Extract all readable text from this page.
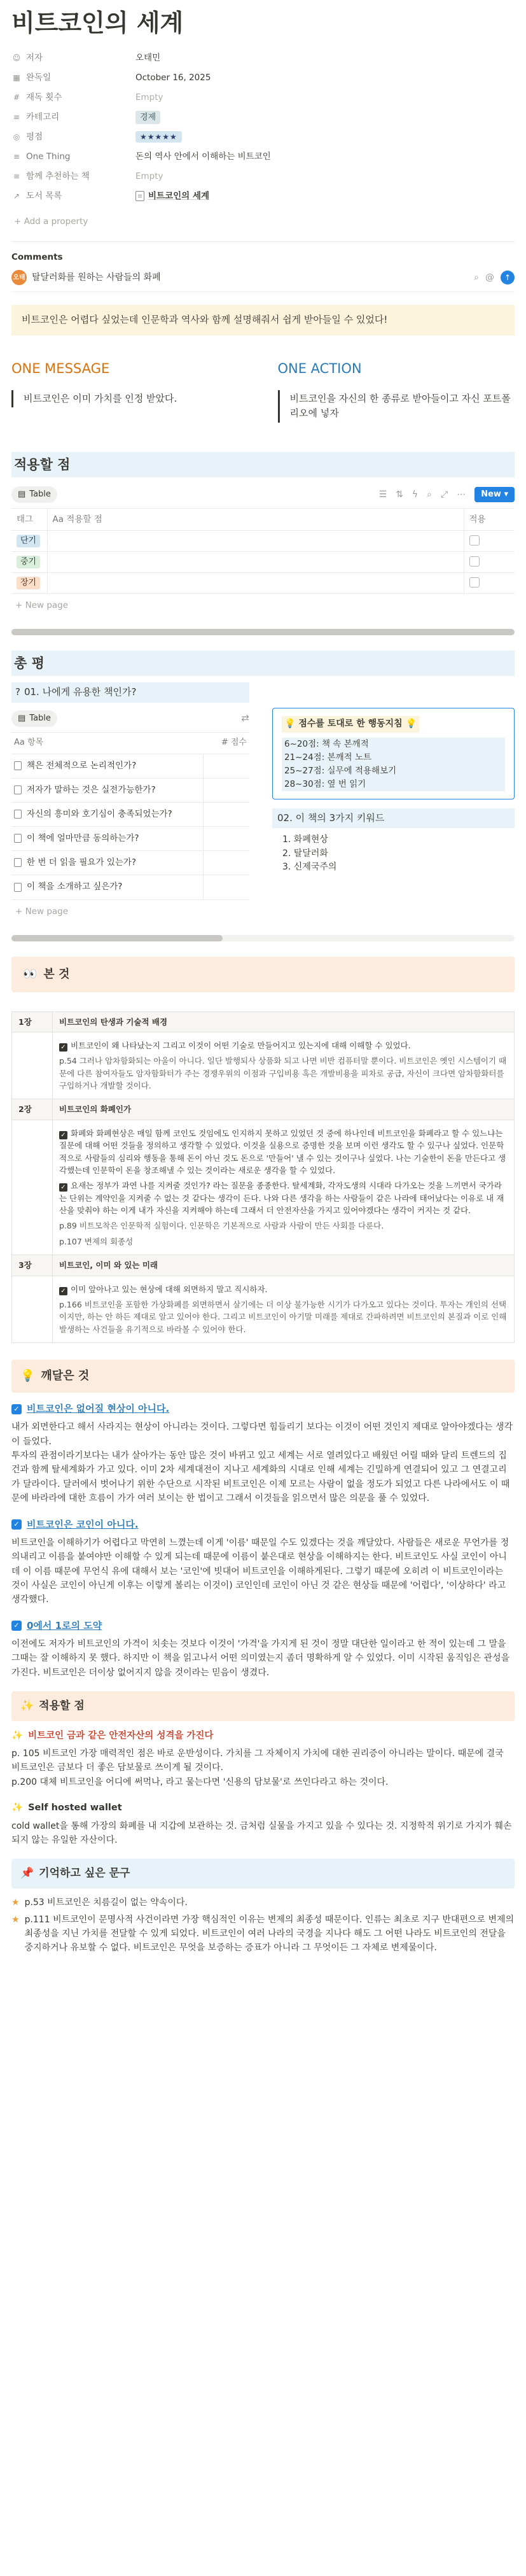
비트코인의 세계
☺ 저자	오태민
▦ 완독일	October 16, 2025
# 재독 횟수	Empty
≡ 카테고리	경제
◎ 평점	★★★★★
≡ One Thing	돈의 역사 안에서 이해하는 비트코인
≡ 함께 추천하는 책	Empty
↗ 도서 목록	비트코인의 세계
+ Add a property
Comments
오태 탈달러화를 원하는 사람들의 화폐	⌕ @	↑
비트코인은 어렵다 싶었는데 인문학과 역사와 함께 설명해줘서 쉽게 받아들일 수 있었다!
ONE MESSAGE
비트코인은 이미 가치를 인정 받았다.
ONE ACTION
비트코인을 자신의 한 종류로 받아들이고 자신 포트폴리오에 넣자
적용할 점
▤ Table	☰ ⇅ ϟ ⌕ ⤢ ⋯	New ▾
태그	Aa 적용할 점	적용
단기		
중기		
장기		
+ New page
총 평
? 01. 나에게 유용한 책인가?
▤ Table	⇄
Aa 항목	# 점수
책은 전체적으로 논리적인가?
저자가 말하는 것은 실전가능한가?
자신의 흥미와 호기심이 충족되었는가?
이 책에 얼마만큼 동의하는가?
한 번 더 읽을 필요가 있는가?
이 책을 소개하고 싶은가?
+ New page
💡 점수를 토대로 한 행동지침 💡
6~20점: 책 속 본깨적
21~24점: 본깨적 노트
25~27점: 실무에 적용해보기
28~30점: 옆 번 읽기
02. 이 책의 3가지 키워드
1. 화폐현상
2. 탈달러화
3. 신제국주의
👀 본 것
1장	비트코인의 탄생과 기술적 배경

	✓ 비트코인이 왜 나타났는지 그리고 이것이 어떤 기술로 만들어지고 있는지에 대해 이해할 수 있었다.

p.54 그러나 암차함화되는 아울이 아니다. 일단 발행되사 상품화 되고 나면 비반 컴퓨터말 뿐이다. 비트코인은 옛인 시스템이기 때문에 다른 참여자들도 암자함화터가 주는 경쟁우위의 이점과 구입비용 혹은 개발비용을 피차로 공급, 자신이 크다면 암차함화터를 구입하거나 개발할 것이다.

2장	비트코인의 화폐인가

	✓ 화폐와 화폐현상은 매일 함께 코인도 것임에도 인지하지 못하고 있었던 것 중에 하나인데 비트코인을 화폐라고 할 수 있느냐는 질문에 대해 어떤 것들을 정의하고 생각할 수 있었다. 이것을 실용으로 증명한 것을 보며 이런 생각도 할 수 있구나 싶었다. 인문학적으로 사람들의 심리와 행동을 통해 돈이 아닌 것도 돈으로 '만들어' 낼 수 있는 것이구나 싶었다. 나는 기술한이 돈을 만든다고 생각했는데 인문학이 돈을 창조해낼 수 있는 것이라는 새로운 생각을 할 수 있었다.

✓ 요새는 정부가 과연 나를 지켜줄 것인가? 라는 질문을 종종한다. 탈세계화, 각자도생의 시대라 다가오는 것을 느끼면서 국가라는 단위는 계약인을 지켜줄 수 없는 것 같다는 생각이 든다. 나와 다른 생각을 하는 사람들이 같은 나라에 태어났다는 이유로 내 재산을 맞춰야 하는 이게 내가 자신을 지켜해야 하는데 그래서 더 안전자산을 가지고 있어야겠다는 생각이 커지는 것 같다.

p.89 비트모착은 인문학적 실험이다. 인문학은 기본적으로 사람과 사람이 만든 사회를 다룬다.

p.107 변제의 회종성

3장	비트코인, 이미 와 있는 미래

	✓ 이미 앞아나고 있는 현상에 대해 외면하지 말고 직시하자.

p.166 비트코인을 포함한 가상화폐를 외면하면서 살기에는 더 이상 불가능한 시기가 다가오고 있다는 것이다. 투자는 개인의 선택이지만, 하는 안 하든 제대로 알고 있어야 한다. 그리고 비트코인이 아기말 미래를 제대로 간파하려면 비트코인의 본질과 이로 인해 발생하는 사건들을 유기적으로 바라볼 수 있어야 한다.

💡 깨달은 것
✓ 비트코인은 없어질 현상이 아니다.
내가 외면한다고 해서 사라지는 현상이 아니라는 것이다. 그렇다면 힘들리기 보다는 이것이 어떤 것인지 제대로 알아야겠다는 생각이 들었다.
투자의 관점이라기보다는 내가 살아가는 동안 많은 것이 바뀌고 있고 세계는 서로 열려있다고 배웠던 어릴 때와 달리 트렌드의 집건과 함께 탈세계화가 가고 있다. 이미 2차 세계대전이 지나고 세계화의 시대로 인해 세계는 긴밀하게 연결되어 있고 그 연결고리가 달라이다. 달러에서 벗어나기 위한 수단으로 시작된 비트코인은 이제 모르는 사람이 없을 정도가 되었고 다른 나라에서도 이 때문에 바라라에 대한 흐름이 가가 여러 보이는 한 법이고 그래서 이것들을 읽으면서 많은 의문을 풀 수 있었다.
✓ 비트코인은 코인이 아니다.
비트코인을 이해하기가 어렵다고 막연히 느꼈는데 이게 '이름' 때문일 수도 있겠다는 것을 깨달았다. 사람들은 새로운 무언가를 정의내리고 이름을 붙여야만 이해할 수 있게 되는데 때문에 이름이 붙은대로 현상을 이해하지는 한다. 비트코인도 사실 코인이 아니데 이 이름 때문에 무언식 유에 대해서 보는 '코인'에 빗대어 비트코인을 이해하게된다. 그렇기 때문에 오히려 이 비트코인이라는 것이 사실은 코인이 아닌게 이후는 이렇게 볼리는 이것이) 코인인데 코인이 아닌 것 같은 현상들 때문에 '어렵다', '이상하다' 라고 생각했다.
✓ 0에서 1로의 도약
이전에도 저자가 비트코인의 가격이 치솟는 것보다 이것이 '가격'을 가지게 된 것이 정말 대단한 일이라고 한 적이 있는데 그 말을 그때는 잘 이해하지 못 했다. 하지만 이 책을 읽고나서 어떤 의미였는지 좀더 명확하게 알 수 있었다. 이미 시작된 움직임은 관성을 가진다. 비트코인은 더이상 없어지지 않을 것이라는 믿음이 생겼다.
✨ 적용할 점
✨ 비트코인 금과 같은 안전자산의 성격을 가진다
p. 105 비트코인 가장 매력적인 점은 바로 운반성이다. 가치를 그 자체이지 가치에 대한 권리증이 아니라는 말이다. 때문에 결국 비트코인은 금보다 더 좋은 담보물로 쓰이게 될 것이다.
p.200 대체 비트코인을 어디에 써먹나, 라고 물는다면 '신용의 담보물'로 쓰인다라고 하는 것이다.
✨ Self hosted wallet
cold wallet을 통해 가장의 화폐를 내 지갑에 보관하는 것. 금처럼 실물을 가지고 있을 수 있다는 것. 지정학적 위기로 가지가 훼손되지 않는 유일한 자산이다.
📌 기억하고 싶은 문구
★ p.53 비트코인은 치름길이 없는 약속이다.
★ p.111 비트코인이 문명사적 사건이라면 가장 핵심적인 이유는 변제의 최종성 때문이다. 인류는 최초로 지구 반대편으로 변제의 최종성을 지닌 가치를 전달할 수 있게 되었다. 비트코인이 여러 나라의 국경을 지나다 해도 그 어떤 나라도 비트코인의 전달을 중지하거나 유보할 수 없다. 비트코인은 무엇을 보증하는 증표가 아니라 그 무엇이든 그 자체로 변제물이다.
